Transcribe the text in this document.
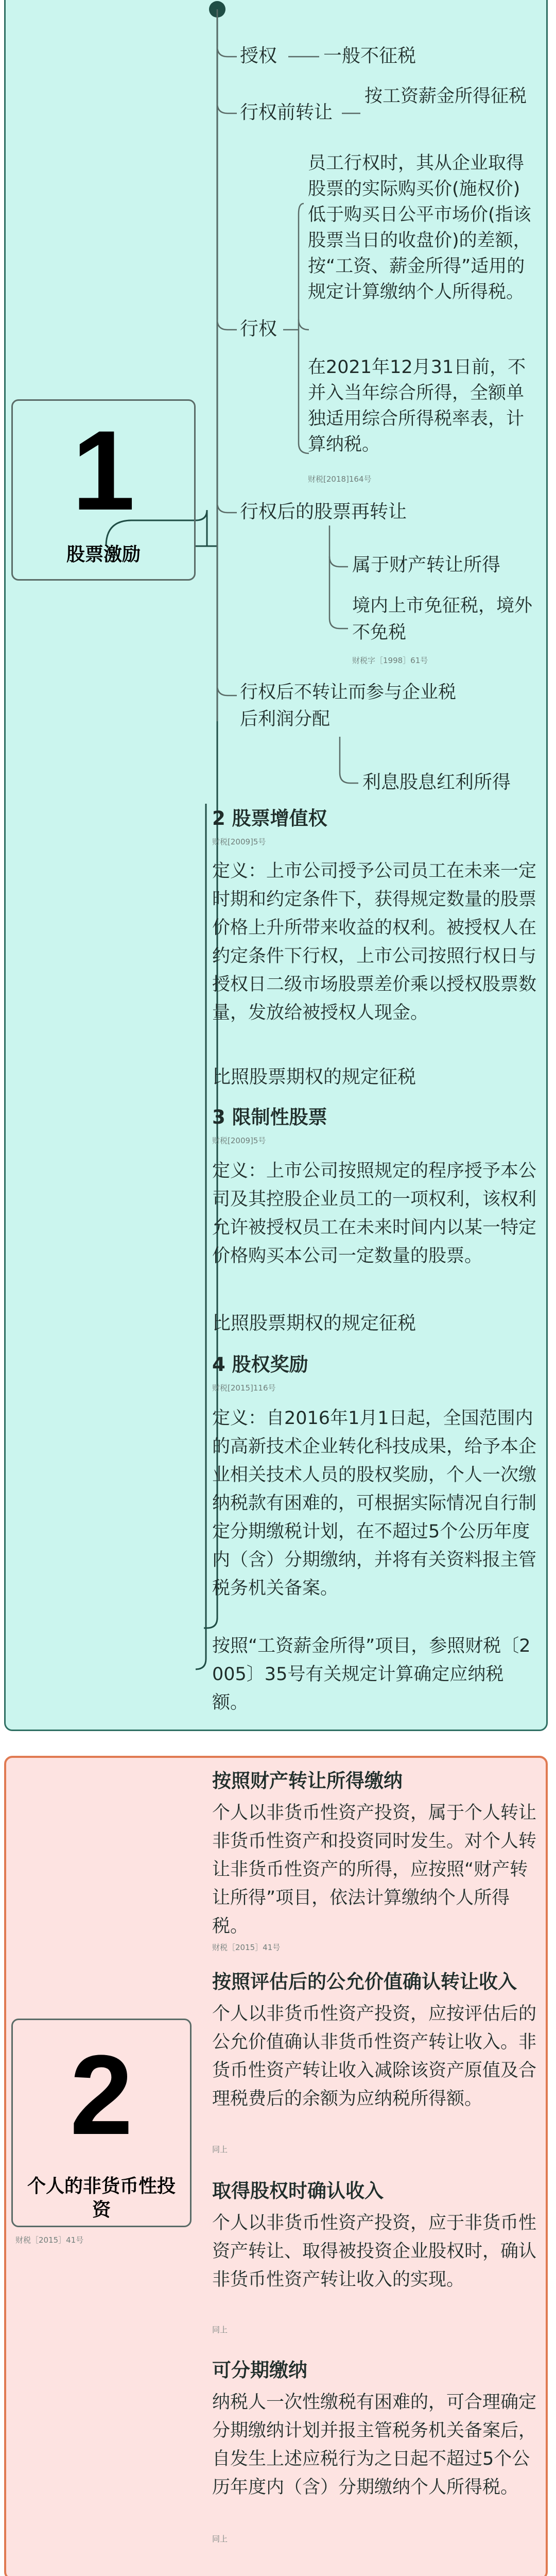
1
股票激励
授权 一般不征税
行权前转让
按工资薪金所得征税
行权
员工行权时，其从企业取得股票的实际购买价(施权价)低于购买日公平市场价(指该股票当日的收盘价)的差额，按“工资、薪金所得”适用的规定计算缴纳个人所得税。
在2021年12月31日前，不并入当年综合所得，全额单独适用综合所得税率表，计算纳税。
财税[2018]164号
行权后的股票再转让
属于财产转让所得
境内上市免征税，境外不免税
财税字［1998］61号
行权后不转让而参与企业税后利润分配
利息股息红利所得
2 股票增值权
财税[2009]5号
定义：上市公司授予公司员工在未来一定时期和约定条件下，获得规定数量的股票价格上升所带来收益的权利。被授权人在约定条件下行权，上市公司按照行权日与授权日二级市场股票差价乘以授权股票数量，发放给被授权人现金。
比照股票期权的规定征税
3 限制性股票
财税[2009]5号
定义：上市公司按照规定的程序授予本公司及其控股企业员工的一项权利，该权利允许被授权员工在未来时间内以某一特定价格购买本公司一定数量的股票。
比照股票期权的规定征税
4 股权奖励
财税[2015]116号
定义：自2016年1月1日起，全国范围内的高新技术企业转化科技成果，给予本企业相关技术人员的股权奖励，个人一次缴纳税款有困难的，可根据实际情况自行制定分期缴税计划，在不超过5个公历年度内（含）分期缴纳，并将有关资料报主管税务机关备案。
按照“工资薪金所得”项目，参照财税〔2005〕35号有关规定计算确定应纳税额。
2
个人的非货币性投资
财税［2015］41号
按照财产转让所得缴纳
个人以非货币性资产投资，属于个人转让非货币性资产和投资同时发生。对个人转让非货币性资产的所得，应按照“财产转让所得”项目，依法计算缴纳个人所得税。
财税［2015］41号
按照评估后的公允价值确认转让收入
个人以非货币性资产投资，应按评估后的公允价值确认非货币性资产转让收入。非货币性资产转让收入减除该资产原值及合理税费后的余额为应纳税所得额。
同上
取得股权时确认收入
个人以非货币性资产投资，应于非货币性资产转让、取得被投资企业股权时，确认非货币性资产转让收入的实现。
同上
可分期缴纳
纳税人一次性缴税有困难的，可合理确定分期缴纳计划并报主管税务机关备案后，自发生上述应税行为之日起不超过5个公历年度内（含）分期缴纳个人所得税。
同上
